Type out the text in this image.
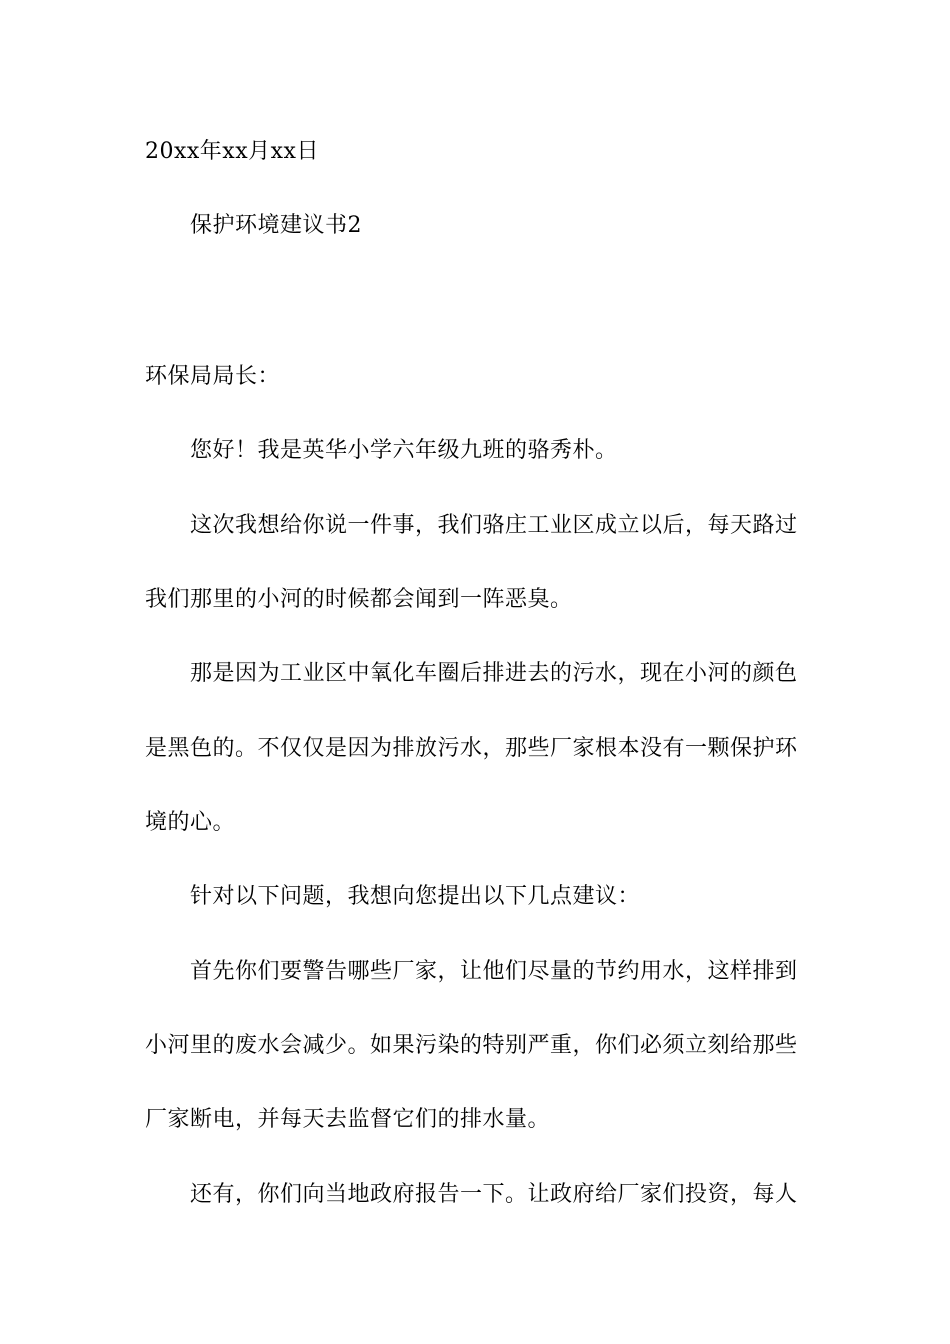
20xx年xx月xx日
保护环境建议书2
环保局局长：
您好！我是英华小学六年级九班的骆秀朴。
这次我想给你说一件事，我们骆庄工业区成立以后，每天路过
我们那里的小河的时候都会闻到一阵恶臭。
那是因为工业区中氧化车圈后排进去的污水，现在小河的颜色
是黑色的。不仅仅是因为排放污水，那些厂家根本没有一颗保护环
境的心。
针对以下问题，我想向您提出以下几点建议：
首先你们要警告哪些厂家，让他们尽量的节约用水，这样排到
小河里的废水会减少。如果污染的特别严重，你们必须立刻给那些
厂家断电，并每天去监督它们的排水量。
还有，你们向当地政府报告一下。让政府给厂家们投资，每人
